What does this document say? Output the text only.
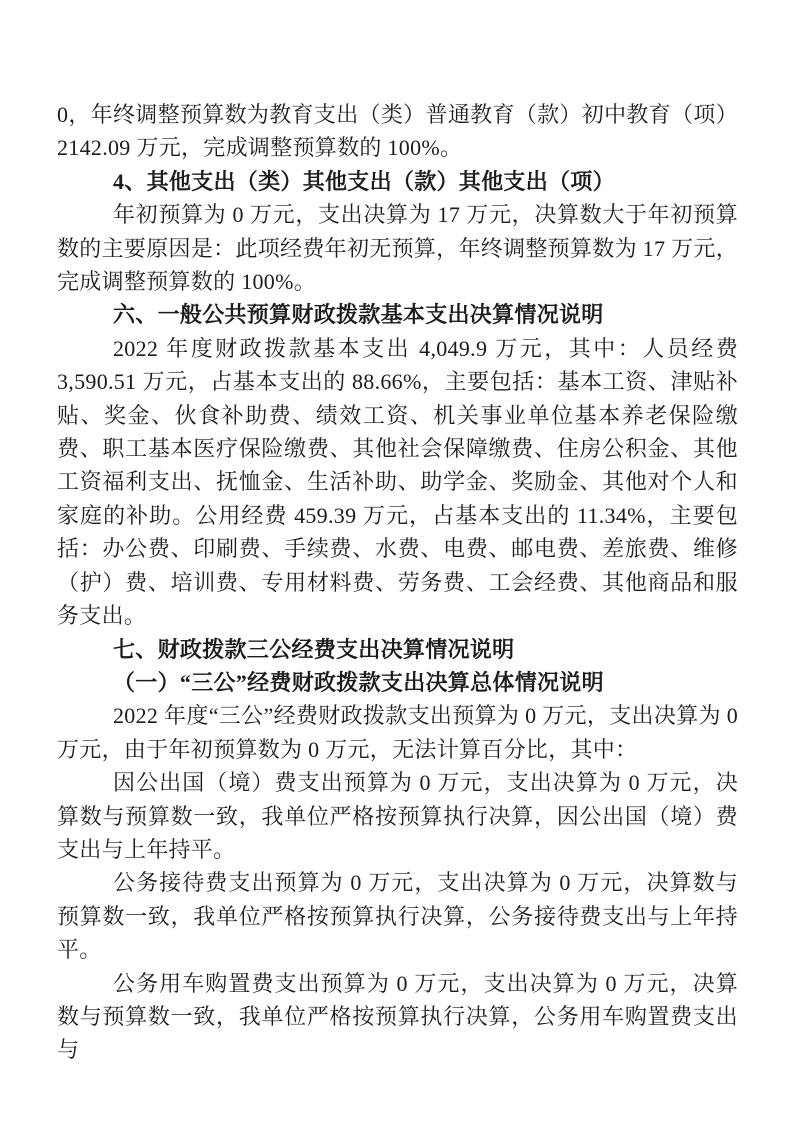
0，年终调整预算数为教育支出（类）普通教育（款）初中教育（项）2142.09 万元，完成调整预算数的 100%。

4、其他支出（类）其他支出（款）其他支出（项）

年初预算为 0 万元，支出决算为 17 万元，决算数大于年初预算数的主要原因是：此项经费年初无预算，年终调整预算数为 17 万元，完成调整预算数的 100%。

六、一般公共预算财政拨款基本支出决算情况说明

2022 年度财政拨款基本支出 4,049.9 万元，其中：人员经费 3,590.51 万元，占基本支出的 88.66%，主要包括：基本工资、津贴补贴、奖金、伙食补助费、绩效工资、机关事业单位基本养老保险缴费、职工基本医疗保险缴费、其他社会保障缴费、住房公积金、其他工资福利支出、抚恤金、生活补助、助学金、奖励金、其他对个人和家庭的补助。公用经费 459.39 万元，占基本支出的 11.34%，主要包括：办公费、印刷费、手续费、水费、电费、邮电费、差旅费、维修（护）费、培训费、专用材料费、劳务费、工会经费、其他商品和服务支出。

七、财政拨款三公经费支出决算情况说明

（一）“三公”经费财政拨款支出决算总体情况说明

2022 年度“三公”经费财政拨款支出预算为 0 万元，支出决算为 0 万元，由于年初预算数为 0 万元，无法计算百分比，其中：

因公出国（境）费支出预算为 0 万元，支出决算为 0 万元，决算数与预算数一致，我单位严格按预算执行决算，因公出国（境）费支出与上年持平。

公务接待费支出预算为 0 万元，支出决算为 0 万元，决算数与预算数一致，我单位严格按预算执行决算，公务接待费支出与上年持平。

公务用车购置费支出预算为 0 万元，支出决算为 0 万元，决算数与预算数一致，我单位严格按预算执行决算，公务用车购置费支出与
